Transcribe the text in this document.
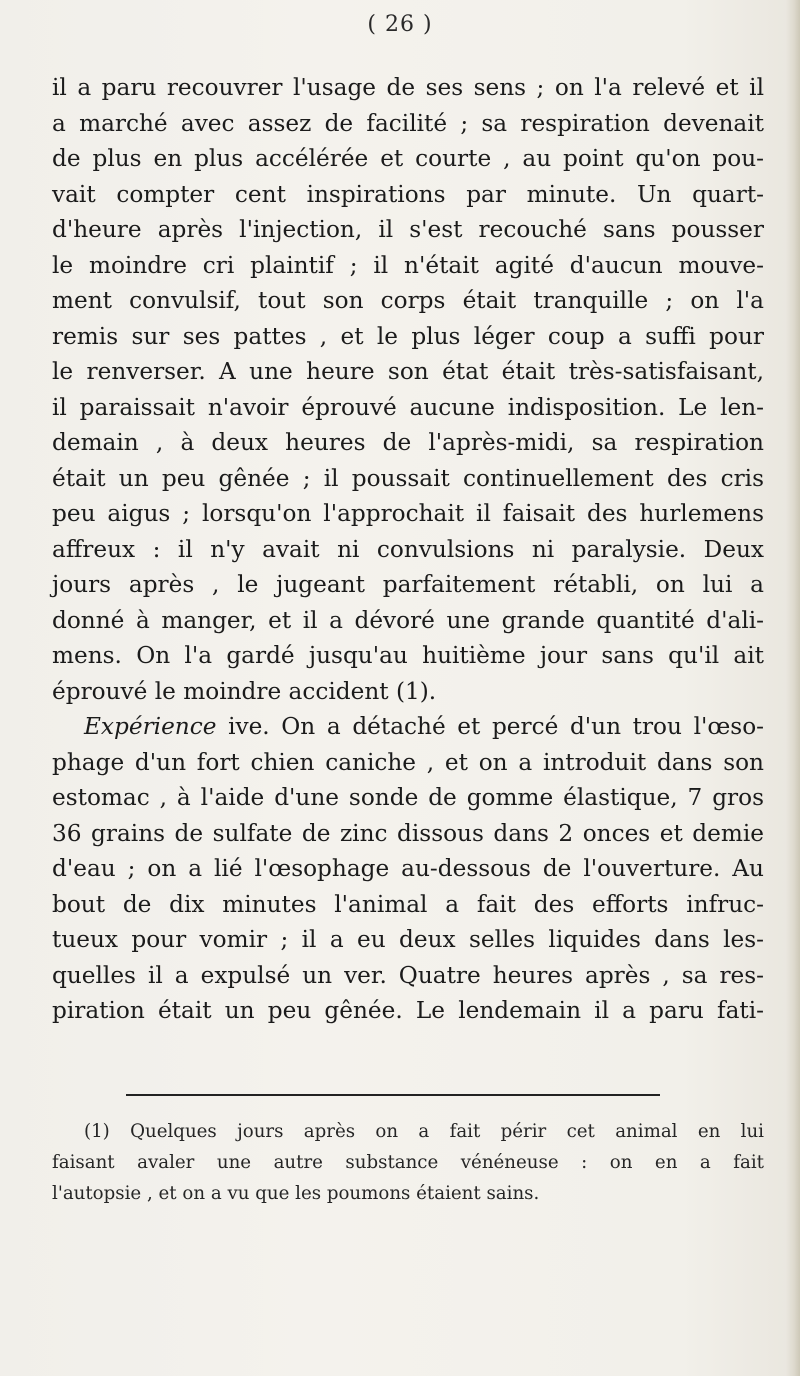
( 26 )
il a paru recouvrer l'usage de ses sens ; on l'a relevé et il
a marché avec assez de facilité ; sa respiration devenait
de plus en plus accélérée et courte , au point qu'on pou-
vait compter cent inspirations par minute. Un quart-
d'heure après l'injection, il s'est recouché sans pousser
le moindre cri plaintif ; il n'était agité d'aucun mouve-
ment convulsif, tout son corps était tranquille ; on l'a
remis sur ses pattes , et le plus léger coup a suffi pour
le renverser. A une heure son état était très-satisfaisant,
il paraissait n'avoir éprouvé aucune indisposition. Le len-
demain , à deux heures de l'après-midi, sa respiration
était un peu gênée ; il poussait continuellement des cris
peu aigus ; lorsqu'on l'approchait il faisait des hurlemens
affreux : il n'y avait ni convulsions ni paralysie. Deux
jours après , le jugeant parfaitement rétabli, on lui a
donné à manger, et il a dévoré une grande quantité d'ali-
mens. On l'a gardé jusqu'au huitième jour sans qu'il ait
éprouvé le moindre accident (1).
Expérience ive. On a détaché et percé d'un trou l'œso-
phage d'un fort chien caniche , et on a introduit dans son
estomac , à l'aide d'une sonde de gomme élastique, 7 gros
36 grains de sulfate de zinc dissous dans 2 onces et demie
d'eau ; on a lié l'œsophage au-dessous de l'ouverture. Au
bout de dix minutes l'animal a fait des efforts infruc-
tueux pour vomir ; il a eu deux selles liquides dans les-
quelles il a expulsé un ver. Quatre heures après , sa res-
piration était un peu gênée. Le lendemain il a paru fati-
(1) Quelques jours après on a fait périr cet animal en lui
faisant avaler une autre substance vénéneuse : on en a fait
l'autopsie , et on a vu que les poumons étaient sains.
